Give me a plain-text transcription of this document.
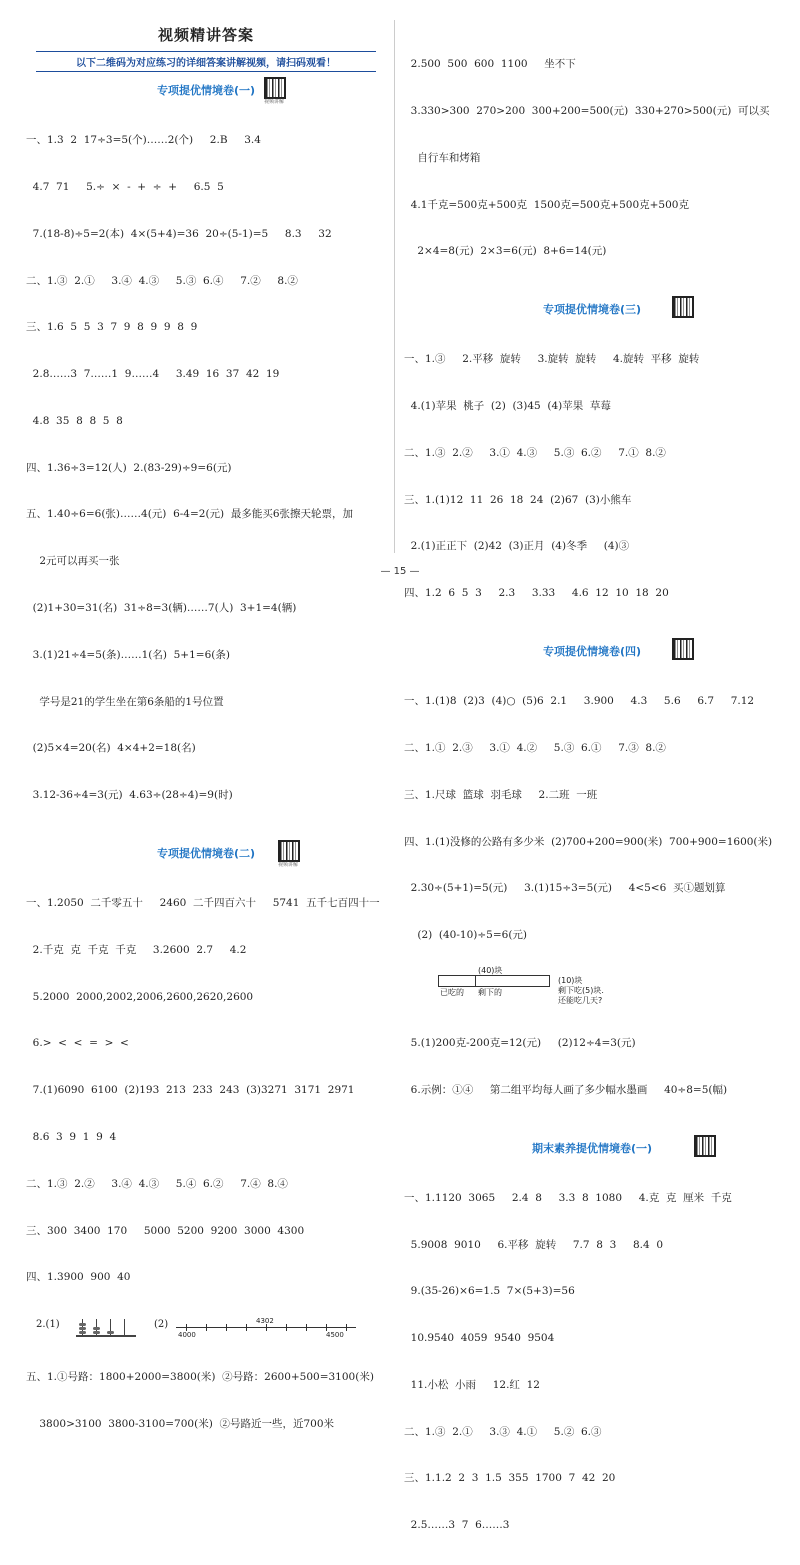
视频精讲答案
以下二维码为对应练习的详细答案讲解视频，请扫码观看！
专项提优情境卷(一)
视频讲解

一、1.3  2  17÷3=5(个)……2(个)     2.B     3.4

4.7  71     5.÷  ×  -  +  ÷  +     6.5  5

7.(18-8)÷5=2(本)  4×(5+4)=36  20÷(5-1)=5     8.3     32

二、1.③  2.①     3.④  4.③     5.③  6.④     7.②     8.②

三、1.6  5  5  3  7  9  8  9  9  8  9

2.8……3  7……1  9……4     3.49  16  37  42  19

4.8  35  8  8  5  8

四、1.36÷3=12(人)  2.(83-29)÷9=6(元)

五、1.40÷6=6(张)……4(元)  6-4=2(元)  最多能买6张擦天轮票，加

2元可以再买一张

(2)1+30=31(名)  31÷8=3(辆)……7(人)  3+1=4(辆)

3.(1)21÷4=5(条)……1(名)  5+1=6(条)

学号是21的学生坐在第6条船的1号位置

(2)5×4=20(名)  4×4+2=18(名)

3.12-36÷4=3(元)  4.63÷(28÷4)=9(时)

专项提优情境卷(二)
视频讲解

一、1.2050  二千零五十     2460  二千四百六十     5741  五千七百四十一

2.千克  克  千克  千克     3.2600  2.7     4.2

5.2000  2000,2002,2006,2600,2620,2600

6.>  <  <  =  >  <

7.(1)6090  6100  (2)193  213  233  243  (3)3271  3171  2971

8.6  3  9  1  9  4

二、1.③  2.②     3.④  4.③     5.④  6.②     7.④  8.④

三、300  3400  170     5000  5200  9200  3000  4300

四、1.3900  900  40

2.(1)	(2)
4000	4500
4302

五、1.①号路：1800+2000=3800(米)  ②号路：2600+500=3100(米)

3800>3100  3800-3100=700(米)  ②号路近一些，近700米

2.500  500  600  1100     坐不下

3.330>300  270>200  300+200=500(元)  330+270>500(元)  可以买

自行车和烤箱

4.1千克=500克+500克  1500克=500克+500克+500克

2×4=8(元)  2×3=6(元)  8+6=14(元)

专项提优情境卷(三)

一、1.③     2.平移  旋转     3.旋转  旋转     4.旋转  平移  旋转

4.(1)苹果  桃子  (2)  (3)45  (4)苹果  草莓

二、1.③  2.②     3.①  4.③     5.③  6.②     7.①  8.②

三、1.(1)12  11  26  18  24  (2)67  (3)小熊车

2.(1)正正下  (2)42  (3)正月  (4)冬季     (4)③

四、1.2  6  5  3     2.3     3.33     4.6  12  10  18  20

专项提优情境卷(四)

一、1.(1)8  (2)3  (4)○  (5)6  2.1     3.900     4.3     5.6     6.7     7.12

二、1.①  2.③     3.①  4.②     5.③  6.①     7.③  8.②

三、1.尺球  篮球  羽毛球     2.二班  一班

四、1.(1)没修的公路有多少米  (2)700+200=900(米)  700+900=1600(米)

2.30÷(5+1)=5(元)     3.(1)15÷3=5(元)     4<5<6  买①题划算

(2)  (40-10)÷5=6(元)

(40)块
已吃的 剩下的
(10)块
剩下吃(5)块.
还能吃几天?

5.(1)200克-200克=12(元)     (2)12÷4=3(元)

6.示例：①④     第二组平均每人画了多少幅水墨画     40÷8=5(幅)

期末素养提优情境卷(一)

一、1.1120  3065     2.4  8     3.3  8  1080     4.克  克  厘米  千克

5.9008  9010     6.平移  旋转     7.7  8  3     8.4  0

9.(35-26)×6=1.5  7×(5+3)=56

10.9540  4059  9540  9504

11.小松  小雨     12.红  12

二、1.③  2.①     3.③  4.①     5.②  6.③

三、1.1.2  2  3  1.5  355  1700  7  42  20

2.5……3  7  6……3

— 15 —
